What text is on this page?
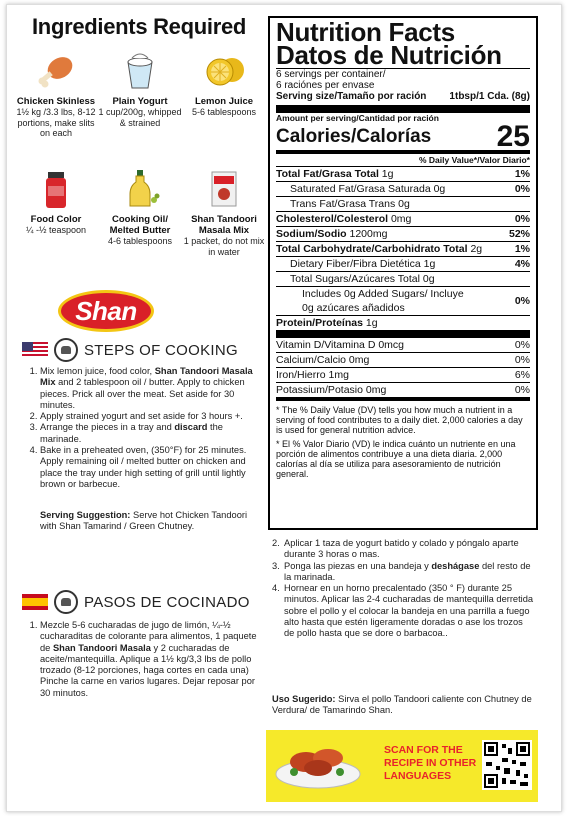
Ingredients Required
Chicken Skinless
1½ kg /3.3 lbs, 8-12 portions, make slits on each
Plain Yogurt
1 cup/200g, whipped & strained
Lemon Juice
5-6 tablespoons
Food Color
¼ -½ teaspoon
Cooking Oil/ Melted Butter
4-6 tablespoons
Shan Tandoori Masala Mix
1 packet, do not mix in water
Shan
STEPS OF COOKING
1. Mix lemon juice, food color, Shan Tandoori Masala Mix and 2 tablespoon oil / butter. Apply to chicken pieces. Prick all over the meat. Set aside for 30 minutes.
2. Apply strained yogurt and set aside for 3 hours +.
3. Arrange the pieces in a tray and discard the marinade.
4. Bake in a preheated oven, (350°F) for 25 minutes. Apply remaining oil / melted butter on chicken and place the tray under high setting of grill until lightly brown or barbecue.
Serving Suggestion: Serve hot Chicken Tandoori with Shan Tamarind / Green Chutney.
PASOS DE COCINADO
1. Mezcle 5-6 cucharadas de jugo de limón, ¼-½ cucharaditas de colorante para alimentos, 1 paquete de Shan Tandoori Masala y 2 cucharadas de aceite/mantequilla. Aplique a 1½ kg/3,3 lbs de pollo trozado (8-12 porciones, haga cortes en cada una) Pinche la carne en varios lugares. Dejar reposar por 30 minutos.
2. Aplicar 1 taza de yogurt batido y colado y póngalo aparte durante 3 horas o mas.
3. Ponga las piezas en una bandeja y deshágase del resto de la marinada.
4. Hornear en un horno precalentado (350 ° F) durante 25 minutos. Aplicar las 2-4 cucharadas de mantequilla derretida sobre el pollo y el colocar la bandeja en una parrilla a fuego alto hasta que estén ligeramente doradas o ase los trozos de pollo hasta que se dore o barbacoa..
Uso Sugerido: Sirva el pollo Tandoori caliente con Chutney de Verdura/ de Tamarindo Shan.
Nutrition Facts
Datos de Nutrición
6 servings per container/
6 raciónes per envase
Serving size/Tamaño por ración 1tbsp/1 Cda. (8g)
Amount per serving/Cantidad por ración
Calories/Calorías 25
% Daily Value*/Valor Diario*
Total Fat/Grasa Total 1g	1%
Saturated Fat/Grasa Saturada 0g	0%
Trans Fat/Grasa Trans 0g
Cholesterol/Colesterol 0mg	0%
Sodium/Sodio 1200mg	52%
Total Carbohydrate/Carbohidrato Total 2g	1%
Dietary Fiber/Fibra Dietética 1g	4%
Total Sugars/Azúcares Total 0g
Includes 0g Added Sugars/ Incluye 0g azúcares añadidos
0%
Protein/Proteínas 1g
Vitamin D/Vitamina D 0mcg	0%
Calcium/Calcio 0mg	0%
Iron/Hierro 1mg	6%
Potassium/Potasio 0mg	0%
* The % Daily Value (DV) tells you how much a nutrient in a serving of food contributes to a daily diet. 2,000 calories a day is used for general nutrition advice.
* El % Valor Diario (VD) le indica cuánto un nutriente en una porción de alimentos contribuye a una dieta diaria. 2,000 calorías al día se utiliza para asesoramiento de nutrición general.
SCAN FOR THE RECIPE IN OTHER LANGUAGES
